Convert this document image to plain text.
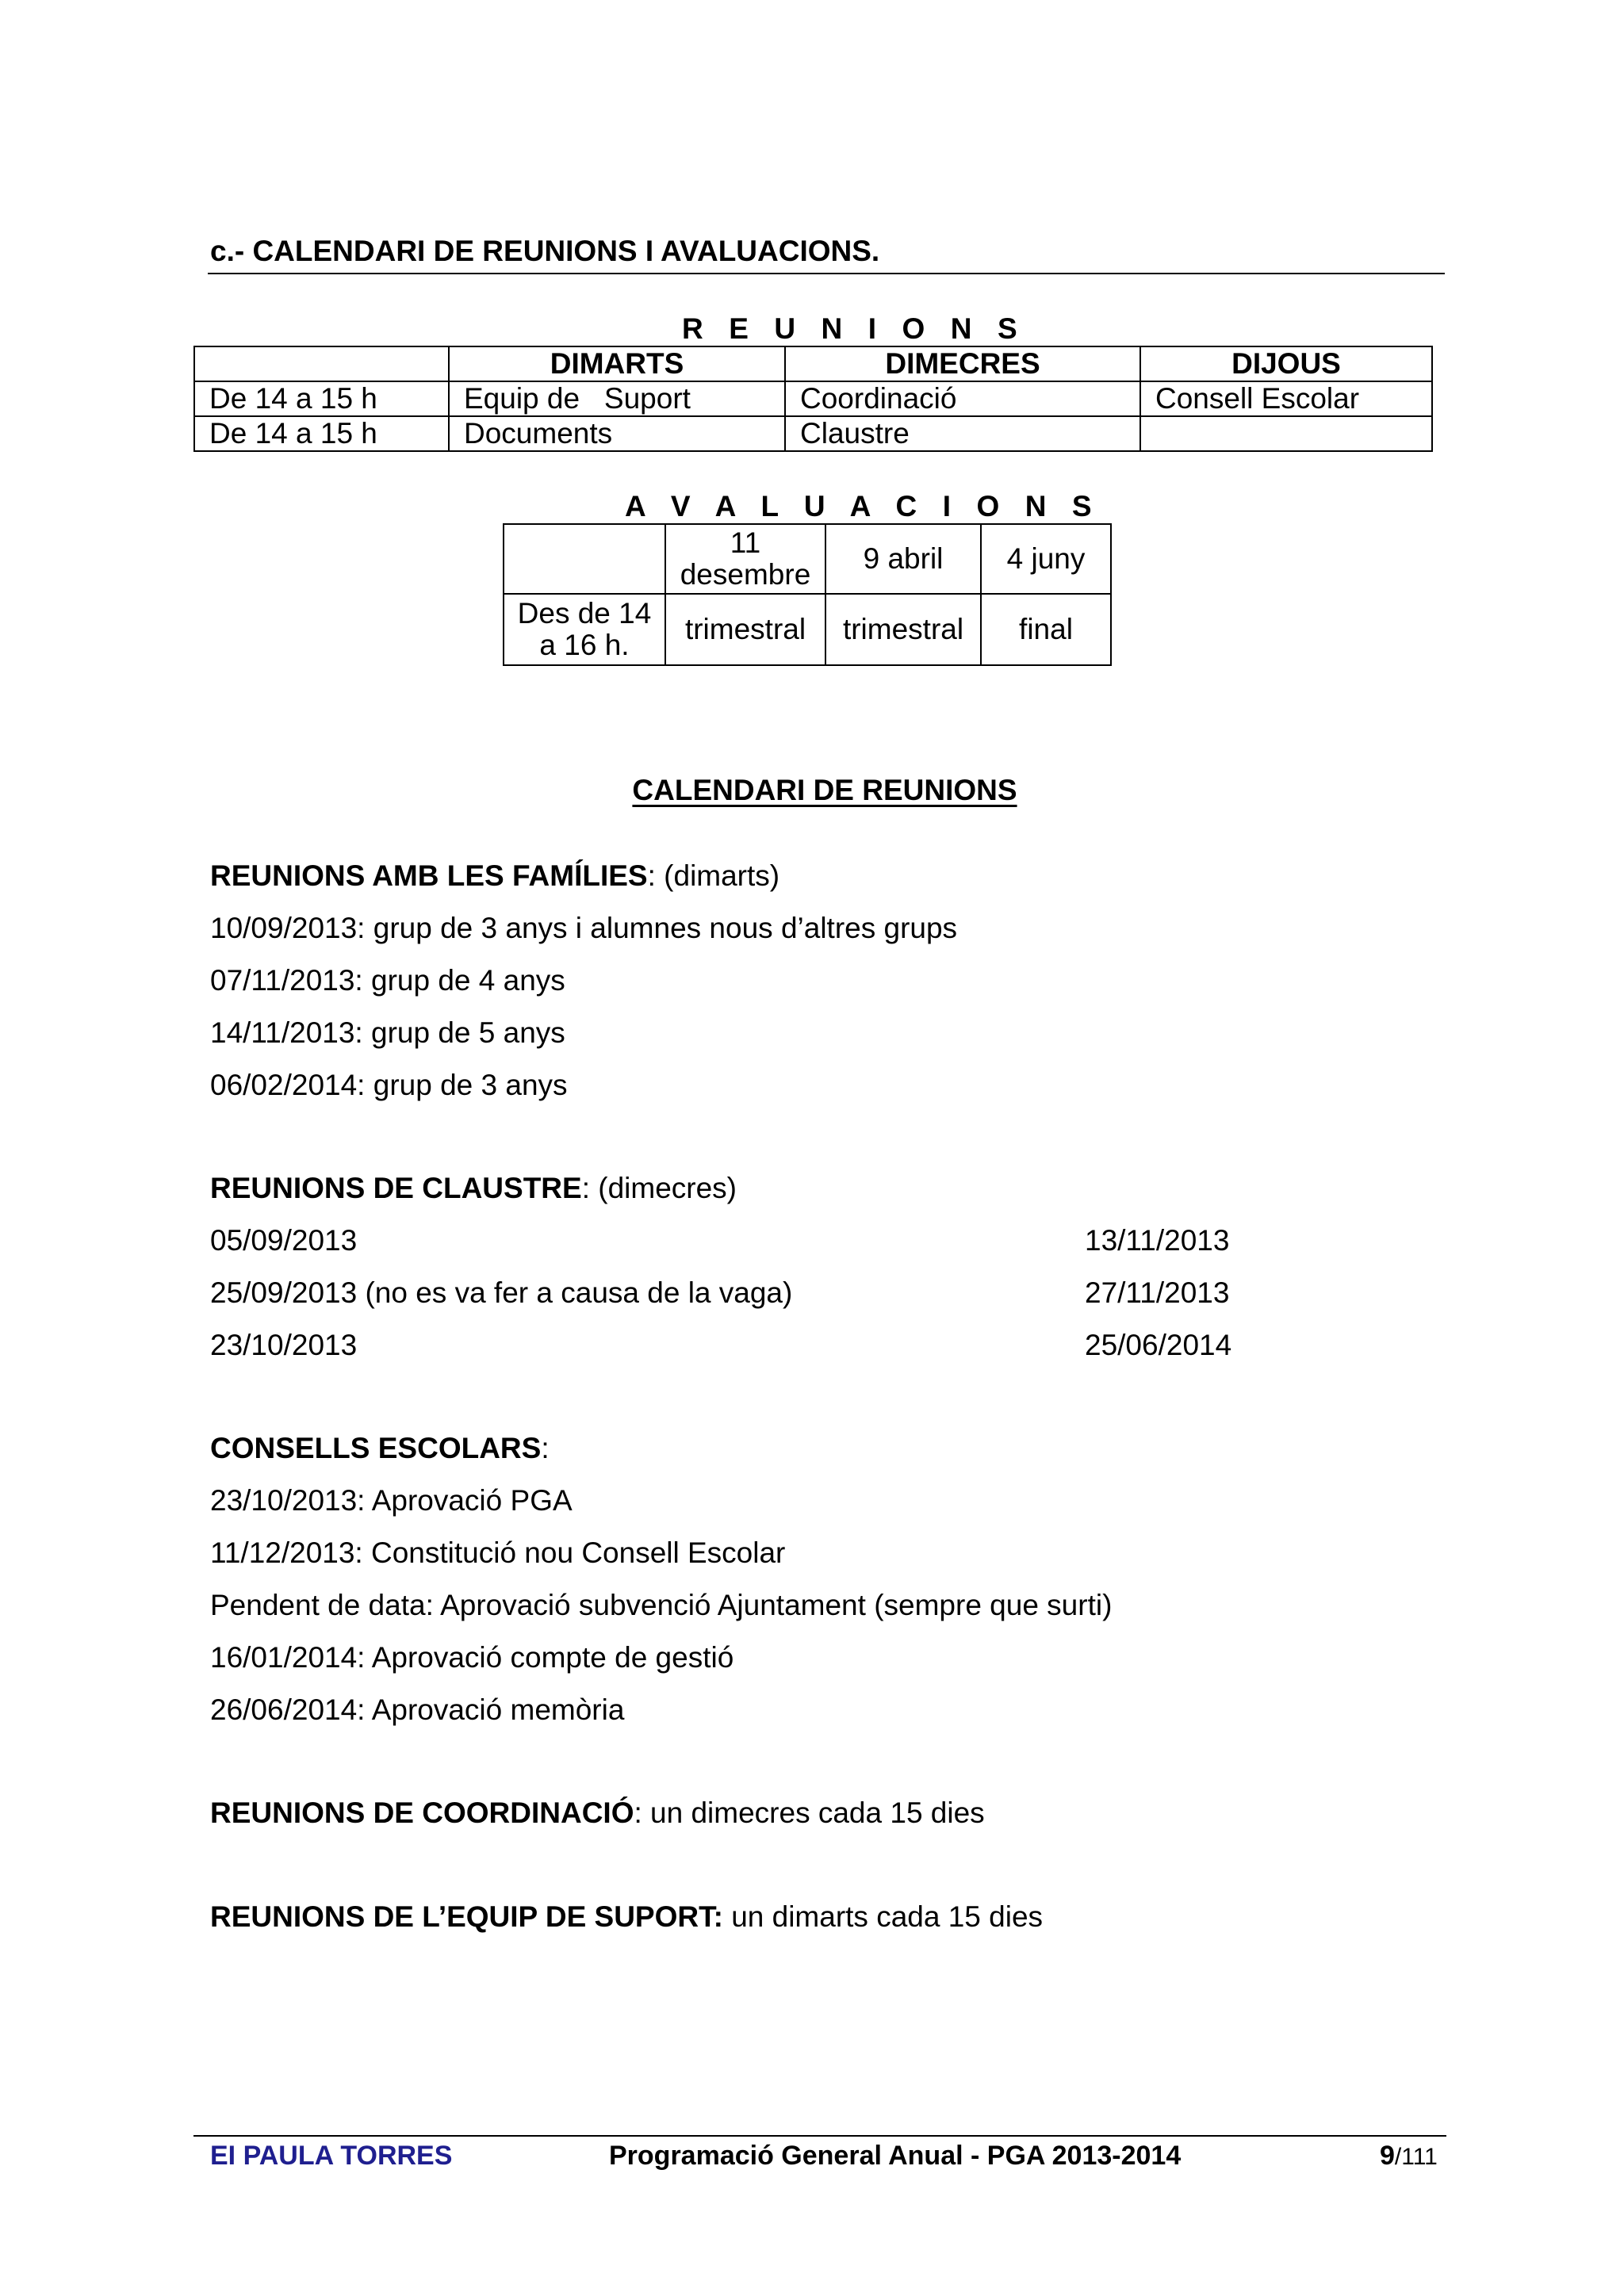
c.- CALENDARI DE REUNIONS I AVALUACIONS.
R E U N I O N S
	DIMARTS	DIMECRES	DIJOUS
De 14 a 15 h	Equip de   Suport	Coordinació	Consell Escolar
De 14 a 15 h	Documents	Claustre	
A V A L U A C I O N S
	11 desembre	9 abril	4 juny
Des de 14 a 16 h.	trimestral	trimestral	final
CALENDARI DE REUNIONS
REUNIONS AMB LES FAMÍLIES: (dimarts)
10/09/2013: grup de 3 anys i alumnes nous d’altres grups
07/11/2013: grup de 4 anys
14/11/2013: grup de 5 anys
06/02/2014: grup de 3 anys
REUNIONS DE CLAUSTRE: (dimecres)
05/09/2013	13/11/2013
25/09/2013 (no es va fer a causa de la vaga)	27/11/2013
23/10/2013	25/06/2014
CONSELLS ESCOLARS:
23/10/2013: Aprovació PGA
11/12/2013: Constitució nou Consell Escolar
Pendent de data: Aprovació subvenció Ajuntament (sempre que surti)
16/01/2014: Aprovació compte de gestió
26/06/2014: Aprovació memòria
REUNIONS DE COORDINACIÓ: un dimecres cada 15 dies
REUNIONS DE L’EQUIP DE SUPORT: un dimarts cada 15 dies
EI PAULA TORRES	Programació General Anual - PGA 2013-2014	9/111
